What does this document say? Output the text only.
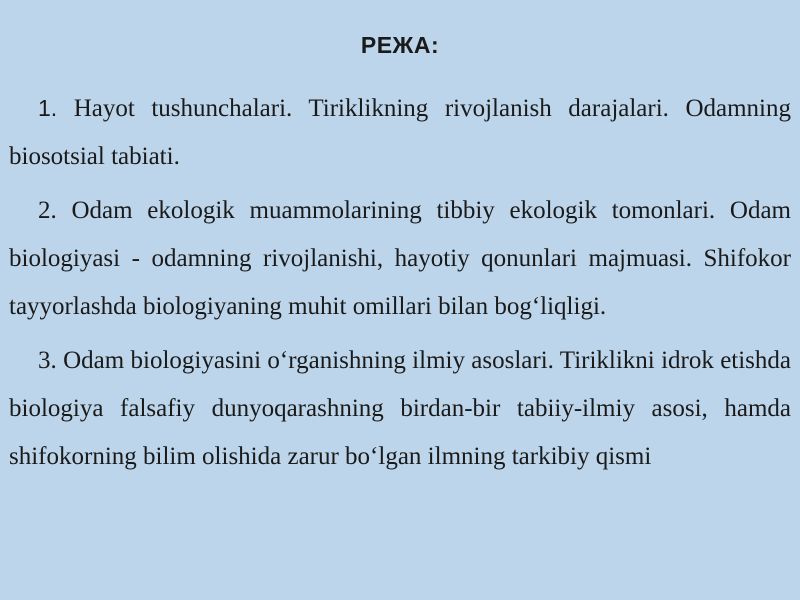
РЕЖА:

1. Hayot tushunchalari. Tiriklikning rivojlanish darajalari. Odamning biosotsial tabiati.

2. Odam ekologik muammolarining tibbiy ekologik tomonlari. Odam biologiyasi - odamning rivojlanishi, hayotiy qonunlari majmuasi. Shifokor tayyorlashda biologiyaning muhit omillari bilan bog‘liqligi.

3. Odam biologiyasini o‘rganishning ilmiy asoslari. Tiriklikni idrok etishda biologiya falsafiy dunyoqarashning birdan-bir tabiiy-ilmiy asosi, hamda shifokorning bilim olishida zarur bo‘lgan ilmning tarkibiy qismi
